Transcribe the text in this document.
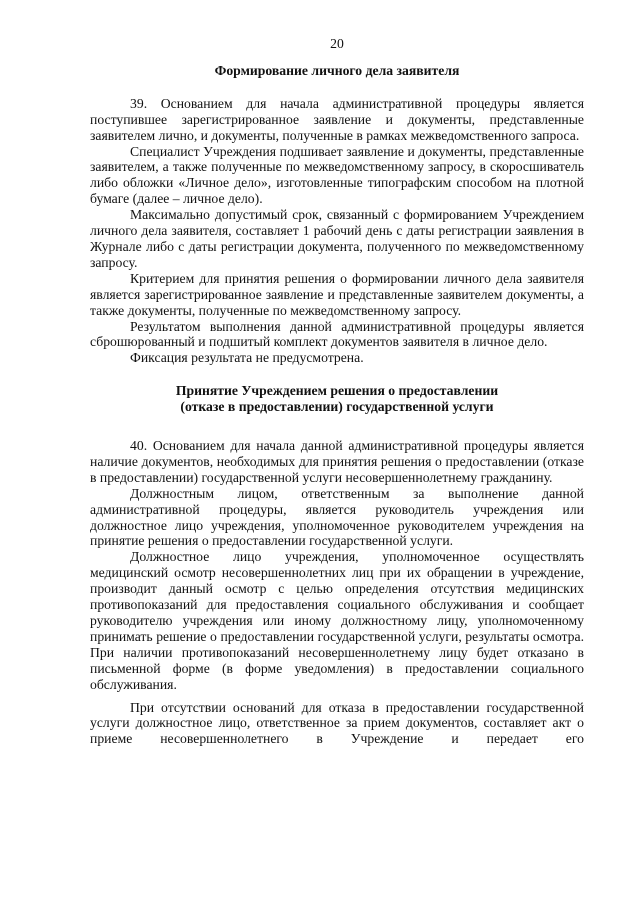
20
Формирование личного дела заявителя

39. Основанием для начала административной процедуры является поступившее зарегистрированное заявление и документы, представленные заявителем лично, и документы, полученные в рамках межведомственного запроса.

Специалист Учреждения подшивает заявление и документы, представленные заявителем, а также полученные по межведомственному запросу, в скоросшиватель либо обложки «Личное дело», изготовленные типографским способом на плотной бумаге (далее – личное дело).

Максимально допустимый срок, связанный с формированием Учреждением личного дела заявителя, составляет 1 рабочий день с даты регистрации заявления в Журнале либо с даты регистрации документа, полученного по межведомственному запросу.

Критерием для принятия решения о формировании личного дела заявителя является зарегистрированное заявление и представленные заявителем документы, а также документы, полученные по межведомственному запросу.

Результатом выполнения данной административной процедуры является сброшюрованный и подшитый комплект документов заявителя в личное дело.

Фиксация результата не предусмотрена.

Принятие Учреждением решения о предоставлении
(отказе в предоставлении) государственной услуги

40. Основанием для начала данной административной процедуры является наличие документов, необходимых для принятия решения о предоставлении (отказе в предоставлении) государственной услуги несовершеннолетнему гражданину.

Должностным лицом, ответственным за выполнение данной административной процедуры, является руководитель учреждения или должностное лицо учреждения, уполномоченное руководителем учреждения на принятие решения о предоставлении государственной услуги.

Должностное лицо учреждения, уполномоченное осуществлять медицинский осмотр несовершеннолетних лиц при их обращении в учреждение, производит данный осмотр с целью определения отсутствия медицинских противопоказаний для предоставления социального обслуживания и сообщает руководителю учреждения или иному должностному лицу, уполномоченному принимать решение о предоставлении государственной услуги, результаты осмотра. При наличии противопоказаний несовершеннолетнему лицу будет отказано в письменной форме (в форме уведомления) в предоставлении социального обслуживания.

При отсутствии оснований для отказа в предоставлении государственной услуги должностное лицо, ответственное за прием документов, составляет акт о приеме несовершеннолетнего в Учреждение и передает его
